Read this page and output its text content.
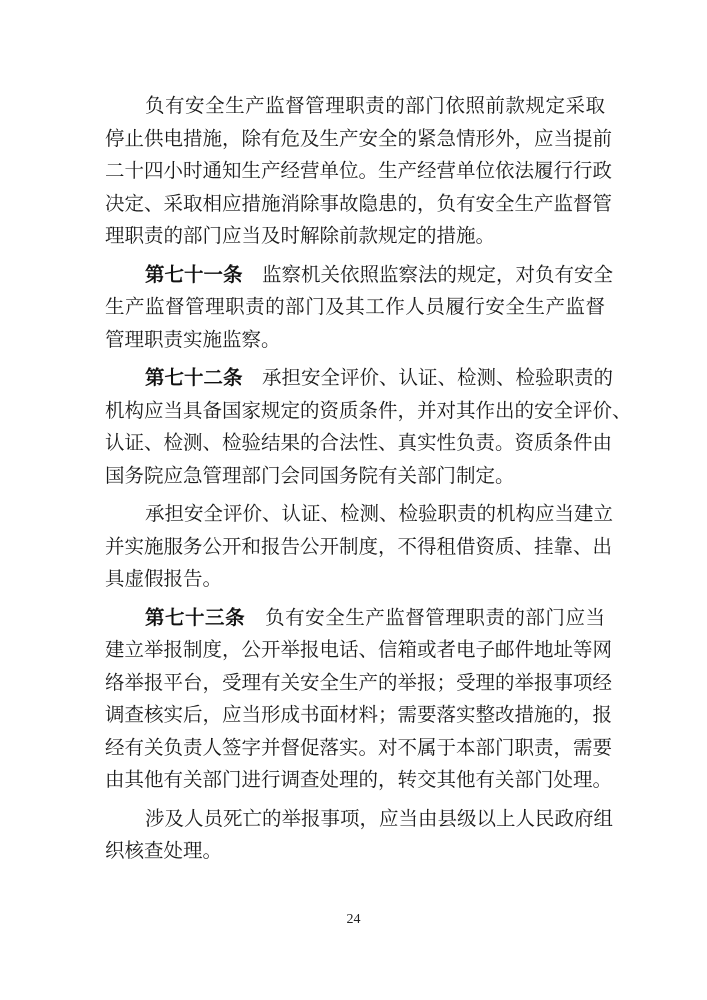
负有安全生产监督管理职责的部门依照前款规定采取
停止供电措施，除有危及生产安全的紧急情形外，应当提前
二十四小时通知生产经营单位。生产经营单位依法履行行政
决定、采取相应措施消除事故隐患的，负有安全生产监督管
理职责的部门应当及时解除前款规定的措施。
第七十一条　 监察机关依照监察法的规定，对负有安全
生产监督管理职责的部门及其工作人员履行安全生产监督
管理职责实施监察。
第七十二条　 承担安全评价、认证、检测、检验职责的
机构应当具备国家规定的资质条件，并对其作出的安全评价、
认证、检测、检验结果的合法性、真实性负责。资质条件由
国务院应急管理部门会同国务院有关部门制定。
承担安全评价、认证、检测、检验职责的机构应当建立
并实施服务公开和报告公开制度，不得租借资质、挂靠、出
具虚假报告。
第七十三条　 负有安全生产监督管理职责的部门应当
建立举报制度，公开举报电话、信箱或者电子邮件地址等网
络举报平台，受理有关安全生产的举报；受理的举报事项经
调查核实后，应当形成书面材料；需要落实整改措施的，报
经有关负责人签字并督促落实。对不属于本部门职责，需要
由其他有关部门进行调查处理的，转交其他有关部门处理。
涉及人员死亡的举报事项，应当由县级以上人民政府组
织核查处理。
24
